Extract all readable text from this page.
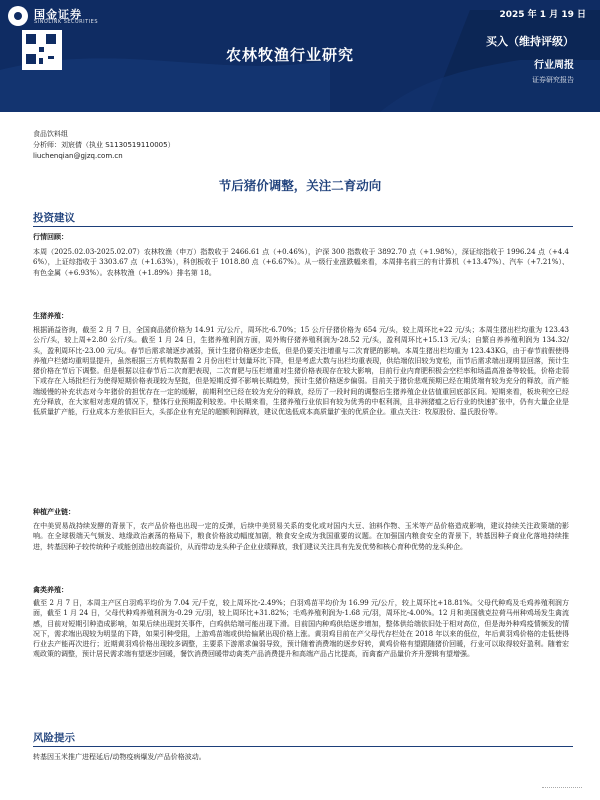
国金证券
SINOLINK SECURITIES
2025 年 1 月 19 日
农林牧渔行业研究
买入（维持评级）
行业周报
证券研究报告
食品饮料组
分析师：刘宸倩（执业 S1130519110005）
liuchenqian@gjzq.com.cn
节后猪价调整，关注二育动向
投资建议
行情回顾：
本周（2025.02.03-2025.02.07）农林牧渔（申万）指数收于 2466.61 点（+0.46%），沪深 300 指数收于 3892.70 点（+1.98%），深证综指收于 1996.24 点（+4.46%），上证综指收于 3303.67 点（+1.63%），科创板收于 1018.80 点（+6.67%）。从一级行业涨跌幅来看，本周排名前三的有计算机（+13.47%）、汽车（+7.21%）、有色金属（+6.93%）。农林牧渔（+1.89%）排名第 18。
生猪养殖：
根据涌益咨询，截至 2 月 7 日，全国商品猪价格为 14.91 元/公斤，周环比-6.70%；15 公斤仔猪价格为 654 元/头，较上周环比+22 元/头；本周生猪出栏均重为 123.43 公斤/头，较上周+2.80 公斤/头。截至 1 月 24 日，生猪养殖利润方面，周外购仔猪养殖利润为-28.52 元/头，盈利周环比+15.13 元/头；自繁自养养殖利润为 134.32/头，盈利周环比-23.00 元/头。春节后需求端逐步减弱，预计生猪价格逐步走低，但是仍要关注增重与二次育肥的影响。本周生猪出栏均重为 123.43KG，由于春节前假使得养殖户栏猪均重明显提升，虽然根据三方机构数据看 2 月份出栏计划量环比下降，但是考虑大数与出栏均重表现，供给端依旧较为宽松，而节后需求端出现明显回落，预计生猪价格在节后下调整。但是根据以往春节后二次育肥表现，二次育肥与压栏增重对生猪价格表现存在较大影响，目前行业内育肥积极会空栏率和场温高准备等较低，价格走弱下或存在入场批栏行为使得短期价格表现较为坚挺，但是短期反弹不影响长期趋势，预计生猪价格逐步偏弱。目前关于猪价悲观预期已经在期货端有较为充分的释放，而产能端缓慢的补充状态对今年猪价的担忧存在一定的缓解，前期利空已经在较为充分的释放，经历了一段时间的调整后生猪养殖企业估值重回底部区间。短期来看，板块利空已经充分释放，在大家相对悲观的情况下，整体行业预期盈利较差。中长期来看，生猪养殖行业依旧有较为优秀的中枢利润，且非洲猪瘟之后行业的快速扩张中，仍有大量企业是低质量扩产能，行业成本方差依旧巨大，头部企业有充足的超额利润释放，建议优选低成本高质量扩张的优质企业。重点关注：牧原股份、温氏股份等。
种植产业链：
在中美贸易战持续发酵的背景下，农产品价格也出现一定的反弹，后续中美贸易关系的变化或对国内大豆、油料作物、玉米等产品价格造成影响，建议持续关注政策端的影响。在全球极端天气频发、地缘政治紊荡的格局下，粮食价格波动幅度加剧，粮食安全成为我国重要的议题。在加强国内粮食安全的背景下，转基因种子商业化落地持续推进，转基因种子较传统种子或能创造出较高溢价，从而带动龙头种子企业业绩释放，我们建议关注具有先发优势和核心育种优势的龙头种企。
禽类养殖：
截至 2 月 7 日，本周主产区白羽鸡平均价为 7.04 元/千克，较上周环比-2.49%；白羽鸡苗平均价为 16.99 元/公斤，较上周环比+18.81%。父母代种鸡及毛鸡养殖利润方面，截至 1 月 24 日，父母代种鸡养殖利润为-0.29 元/羽，较上周环比+31.82%；毛鸡养殖利润为-1.68 元/羽，周环比-4.00%。12 月和美国俄克拉荷马州种鸡场发生禽流感，目前对短期引种造成影响，如果后续出现封关事件，白鸡供给端可能出现下滑。目前国内种鸡供给逐步增加，整体供给端依旧处于相对高位，但是海外种鸡疫情频发的情况下，需求端出现较为明显的下降，如果引种受阻，上游鸡苗端或供给偏紧出现价格上涨。黄羽鸡目前在产父母代存栏处在 2018 年以来的低位，年后黄羽鸡价格的走低使得行业去产能再次进行；近期黄羽鸡价格出现较多调整，主要系下游需求偏弱导致，预计随着消费端的逐步好转，黄鸡价格有望跟随猪价回暖，行业可以取得较好盈利。随着宏观政策的调整，预计居民需求端有望逐步回暖，餐饮消费回暖带动禽类产品消费提升和高端产品占比提高，而禽畜产品量价齐升逻辑有望增强。
风险提示
转基因玉米推广进程延后/动物疫病爆发/产品价格波动。
